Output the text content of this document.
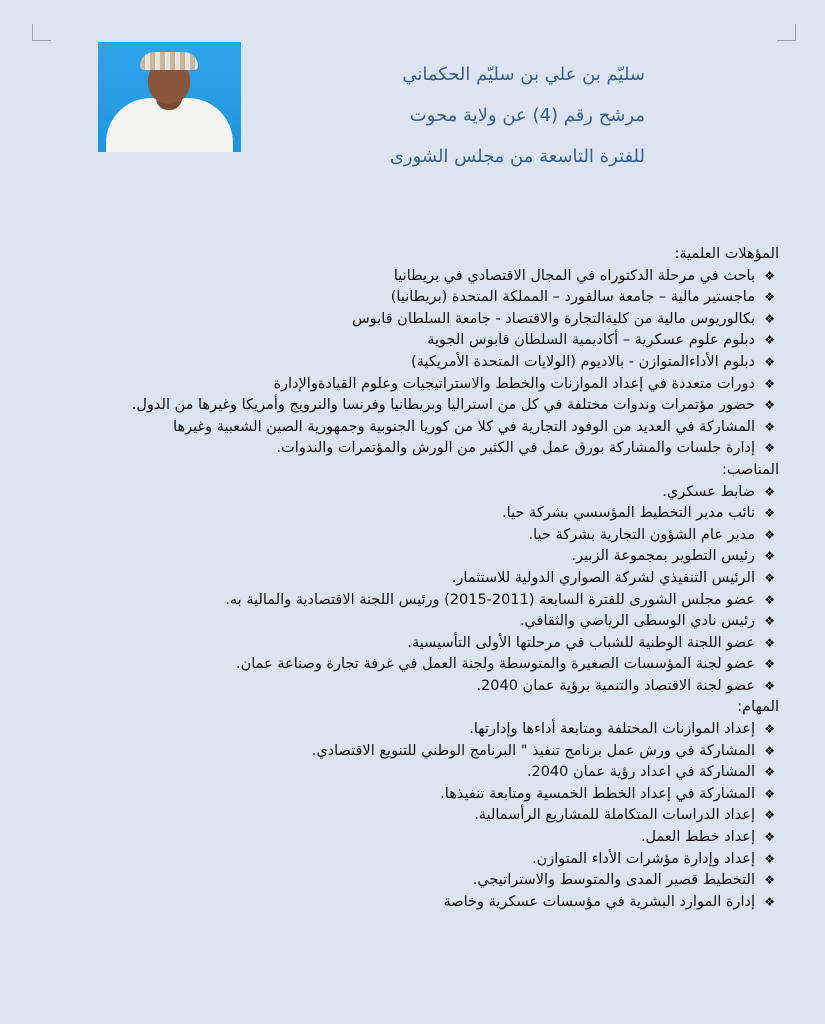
سليّم بن علي بن سليّم الحكماني
مرشح رقم (4) عن ولاية محوت
للفترة التاسعة من مجلس الشورى
المؤهلات العلمية:
❖ باحث في مرحلة الدكتوراه في المجال الاقتصادي في بريطانيا
❖ ماجستير مالية – جامعة سالفورد – المملكة المتحدة (بريطانيا)
❖ بكالوريوس مالية من كليةالتجارة والاقتصاد - جامعة السلطان قابوس
❖ دبلوم علوم عسكرية – أكاديمية السلطان قابوس الجوية
❖ دبلوم الأداءالمتوازن - بالاديوم (الولايات المتحدة الأمريكية)
❖ دورات متعددة في إعداد الموازنات والخطط والاستراتيجيات وعلوم القيادةوالإدارة
❖ حضور مؤتمرات وندوات مختلفة في كل من استراليا وبريطانيا وفرنسا والنرويج وأمريكا وغيرها من الدول.
❖ المشاركة في العديد من الوفود التجارية في كلا من كوريا الجنوبية وجمهورية الصين الشعبية وغيرها
❖ إدارة جلسات والمشاركة بورق عمل في الكثير من الورش والمؤتمرات والندوات.
المناصب:
❖ ضابط عسكري.
❖ نائب مدير التخطيط المؤسسي بشركة حيا.
❖ مدير عام الشؤون التجارية بشركة حيا.
❖ رئيس التطوير بمجموعة الزبير.
❖ الرئيس التنفيذي لشركة الصواري الدولية للاستثمار.
❖ عضو مجلس الشورى للفترة السابعة (2011-2015) ورئيس اللجنة الاقتصادية والمالية به.
❖ رئيس نادي الوسطى الرياضي والثقافي.
❖ عضو اللجنة الوطنية للشباب في مرحلتها الأولى التأسيسية.
❖ عضو لجنة المؤسسات الصغيرة والمتوسطة ولجنة العمل في غرفة تجارة وصناعة عمان.
❖ عضو لجنة الاقتصاد والتنمية برؤية عمان 2040.
المهام:
❖ إعداد الموازنات المختلفة ومتابعة أداءها وإدارتها.
❖ المشاركة في ورش عمل برنامج تنفيذ " البرنامج الوطني للتنويع الاقتصادي.
❖ المشاركة في اعداد رؤية عمان 2040.
❖ المشاركة في إعداد الخطط الخمسية ومتابعة تنفيذها.
❖ إعداد الدراسات المتكاملة للمشاريع الرأسمالية.
❖ إعداد خطط العمل.
❖ إعداد وإدارة مؤشرات الأداء المتوازن.
❖ التخطيط قصير المدى والمتوسط والاستراتيجي.
❖ إدارة الموارد البشرية في مؤسسات عسكرية وخاصة
